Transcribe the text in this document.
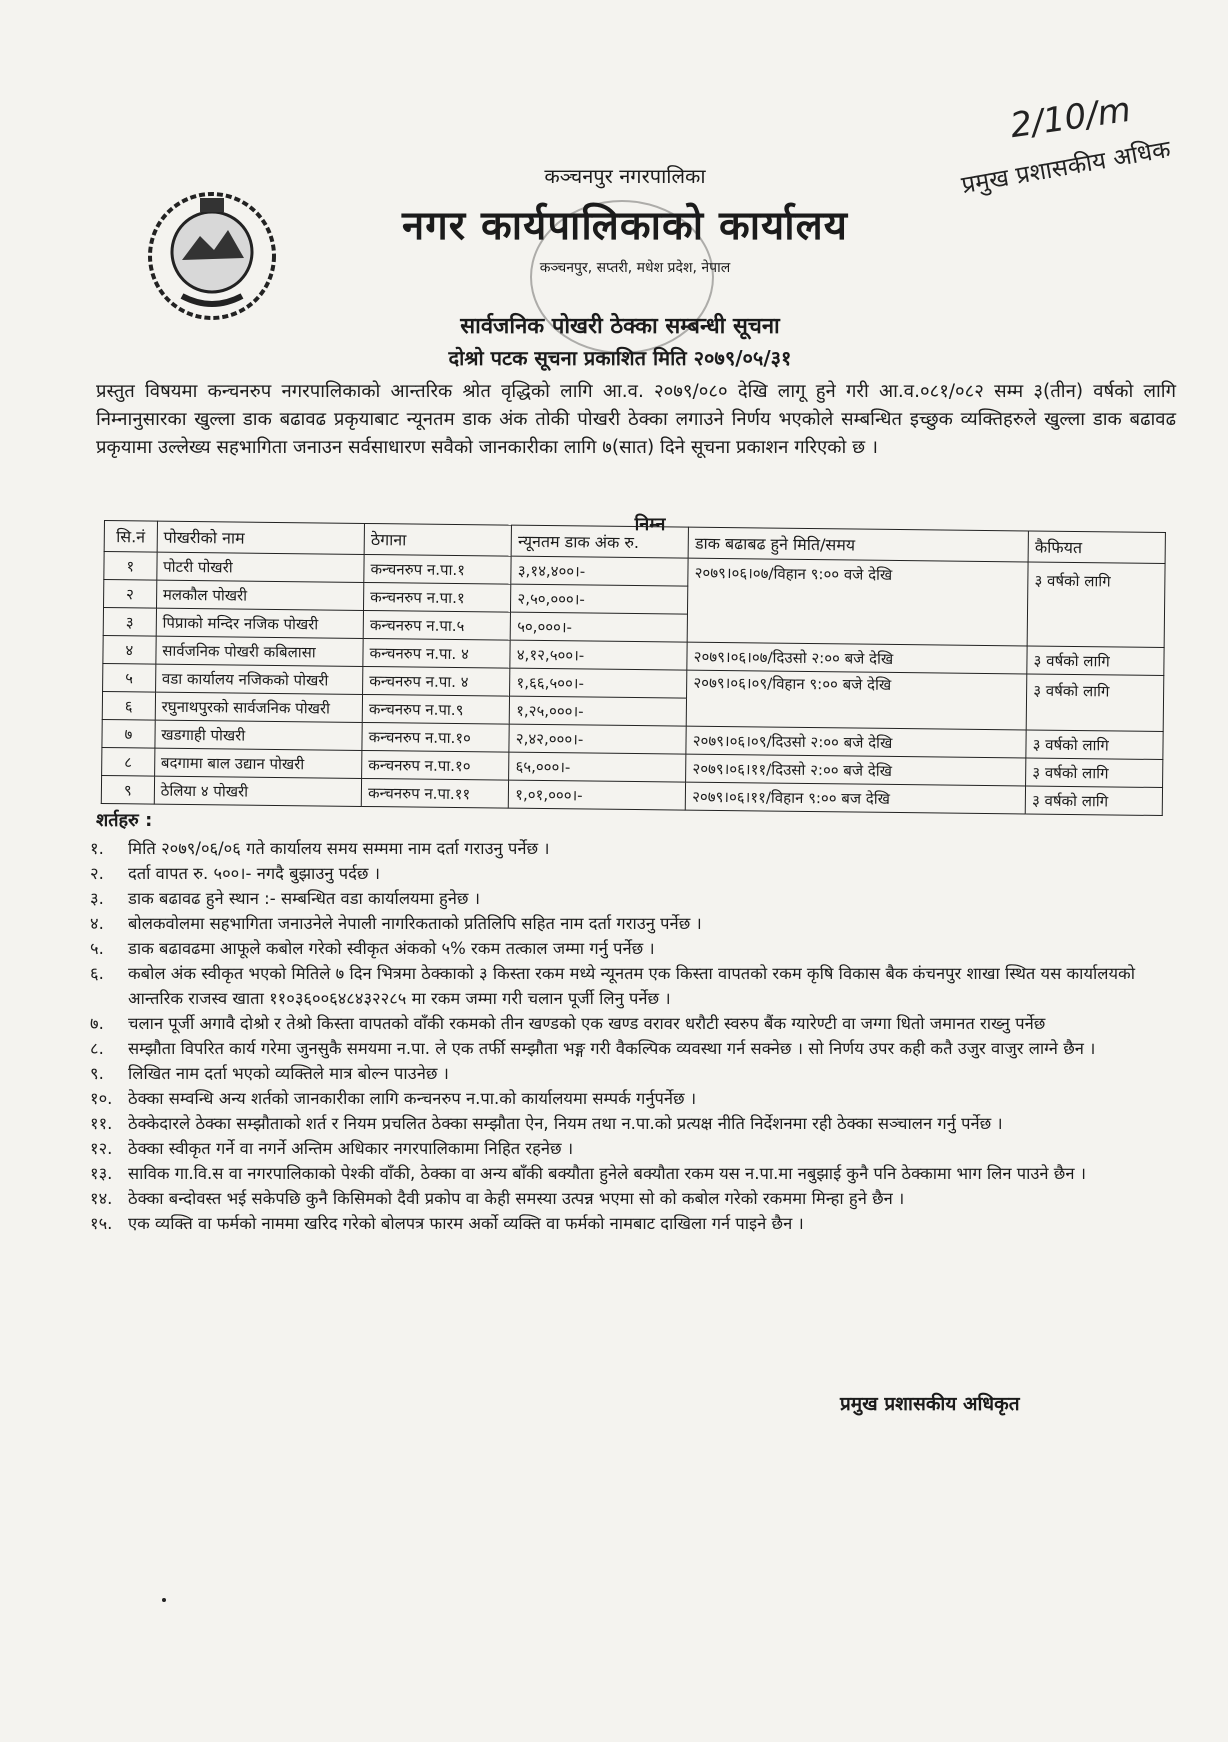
कञ्चनपुर नगरपालिका
नगर कार्यपालिकाको कार्यालय
कञ्चनपुर, सप्तरी, मधेश प्रदेश, नेपाल
सार्वजनिक पोखरी ठेक्का सम्बन्धी सूचना
दोश्रो पटक सूचना प्रकाशित मिति २०७९/०५/३१
2/10/m
प्रमुख प्रशासकीय अधिक
प्रस्तुत विषयमा कन्चनरुप नगरपालिकाको आन्तरिक श्रोत वृद्धिको लागि आ.व. २०७९/०८० देखि लागू हुने गरी आ.व.०८१/०८२ सम्म ३(तीन) वर्षको लागि निम्नानुसारका खुल्ला डाक बढावढ प्रकृयाबाट न्यूनतम डाक अंक तोकी पोखरी ठेक्का लगाउने निर्णय भएकोले सम्बन्धित इच्छुक व्यक्तिहरुले खुल्ला डाक बढावढ प्रकृयामा उल्लेख्य सहभागिता जनाउन सर्वसाधारण सवैको जानकारीका लागि ७(सात) दिने सूचना प्रकाशन गरिएको छ ।
निम्न
सि.नं	पोखरीको नाम	ठेगाना	न्यूनतम डाक अंक रु.	डाक बढाबढ हुने मिति/समय	कैफियत
१	पोटरी पोखरी	कन्चनरुप न.पा.१	३,१४,४००।-	२०७९।०६।०७/विहान ९:०० वजे देखि	३ वर्षको लागि
२	मलकौल पोखरी	कन्चनरुप न.पा.१	२,५०,०००।-		
३	पिप्राको मन्दिर नजिक पोखरी	कन्चनरुप न.पा.५	५०,०००।-		
४	सार्वजनिक पोखरी कबिलासा	कन्चनरुप न.पा. ४	४,१२,५००।-	२०७९।०६।०७/दिउसो २:०० बजे देखि	३ वर्षको लागि
५	वडा कार्यालय नजिकको पोखरी	कन्चनरुप न.पा. ४	१,६६,५००।-	२०७९।०६।०९/विहान ९:०० बजे देखि	३ वर्षको लागि
६	रघुनाथपुरको सार्वजनिक पोखरी	कन्चनरुप न.पा.९	१,२५,०००।-		
७	खडगाही पोखरी	कन्चनरुप न.पा.१०	२,४२,०००।-	२०७९।०६।०९/दिउसो २:०० बजे देखि	३ वर्षको लागि
८	बदगामा बाल उद्यान पोखरी	कन्चनरुप न.पा.१०	६५,०००।-	२०७९।०६।११/दिउसो २:०० बजे देखि	३ वर्षको लागि
९	ठेलिया ४ पोखरी	कन्चनरुप न.पा.११	१,०१,०००।-	२०७९।०६।११/विहान ९:०० बज देखि	३ वर्षको लागि
शर्तहरु :
१.	मिति २०७९/०६/०६ गते कार्यालय समय सम्ममा नाम दर्ता गराउनु पर्नेछ ।
२.	दर्ता वापत रु. ५००।- नगदै बुझाउनु पर्दछ ।
३.	डाक बढावढ हुने स्थान :- सम्बन्धित वडा कार्यालयमा हुनेछ ।
४.	बोलकवोलमा सहभागिता जनाउनेले नेपाली नागरिकताको प्रतिलिपि सहित नाम दर्ता गराउनु पर्नेछ ।
५.	डाक बढावढमा आफूले कबोल गरेको स्वीकृत अंकको ५% रकम तत्काल जम्मा गर्नु पर्नेछ ।
६.	कबोल अंक स्वीकृत भएको मितिले ७ दिन भित्रमा ठेक्काको ३ किस्ता रकम मध्ये न्यूनतम एक किस्ता वापतको रकम कृषि विकास बैक कंचनपुर शाखा स्थित यस कार्यालयको आन्तरिक राजस्व खाता ११०३६००६४८४३२२८५ मा रकम जम्मा गरी चलान पूर्जी लिनु पर्नेछ ।
७.	चलान पूर्जी अगावै दोश्रो र तेश्रो किस्ता वापतको वाँकी रकमको तीन खण्डको एक खण्ड वरावर धरौटी स्वरुप बैंक ग्यारेण्टी वा जग्गा धितो जमानत राख्नु पर्नेछ
८.	सम्झौता विपरित कार्य गरेमा जुनसुकै समयमा न.पा. ले एक तर्फी सम्झौता भङ्ग गरी वैकल्पिक व्यवस्था गर्न सक्नेछ । सो निर्णय उपर कही कतै उजुर वाजुर लाग्ने छैन ।
९.	लिखित नाम दर्ता भएको व्यक्तिले मात्र बोल्न पाउनेछ ।
१०. ठेक्का सम्वन्धि अन्य शर्तको जानकारीका लागि कन्चनरुप न.पा.को कार्यालयमा सम्पर्क गर्नुपर्नेछ ।
११. ठेक्केदारले ठेक्का सम्झौताको शर्त र नियम प्रचलित ठेक्का सम्झौता ऐन, नियम तथा न.पा.को प्रत्यक्ष नीति निर्देशनमा रही ठेक्का सञ्चालन गर्नु पर्नेछ ।
१२. ठेक्का स्वीकृत गर्ने वा नगर्ने अन्तिम अधिकार नगरपालिकामा निहित रहनेछ ।
१३. साविक गा.वि.स वा नगरपालिकाको पेश्की वाँकी, ठेक्का वा अन्य बाँकी बक्यौता हुनेले बक्यौता रकम यस न.पा.मा नबुझाई कुनै पनि ठेक्कामा भाग लिन पाउने छैन ।
१४. ठेक्का बन्दोवस्त भई सकेपछि कुनै किसिमको दैवी प्रकोप वा केही समस्या उत्पन्न भएमा सो को कबोल गरेको रकममा मिन्हा हुने छैन ।
१५. एक व्यक्ति वा फर्मको नाममा खरिद गरेको बोलपत्र फारम अर्को व्यक्ति वा फर्मको नामबाट दाखिला गर्न पाइने छैन ।
प्रमुख प्रशासकीय अधिकृत
